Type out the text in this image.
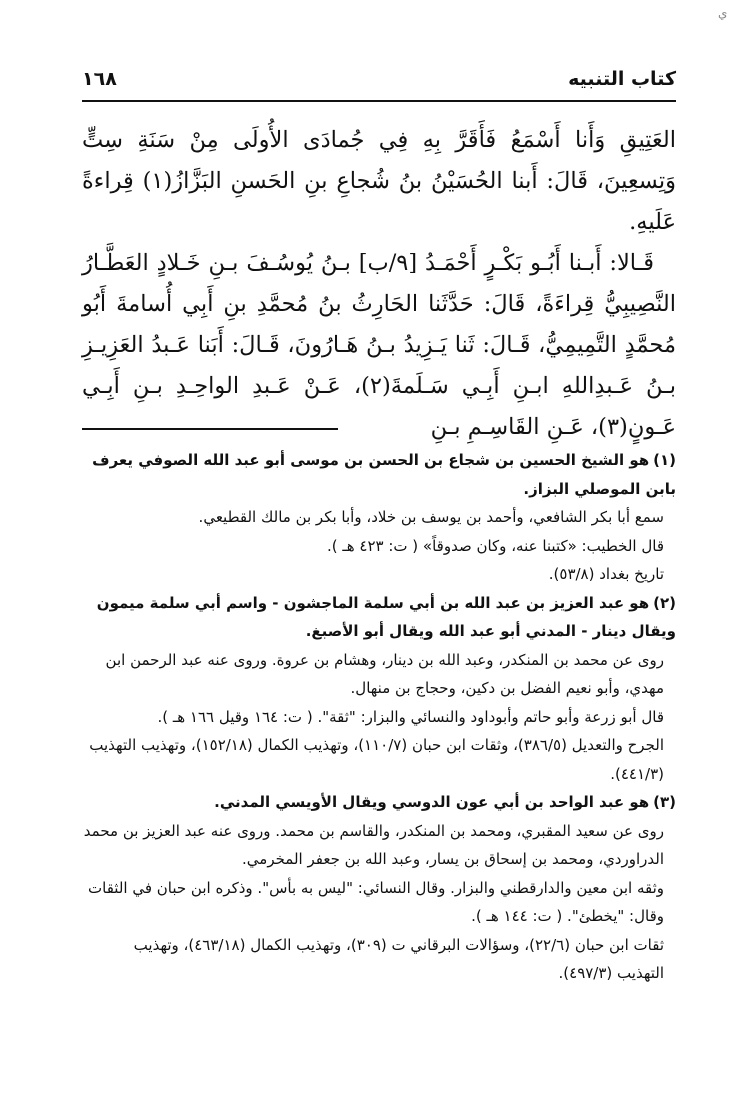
ي
١٦٨	كتاب التنبيه

العَتِيقِ وَأَنا أَسْمَعُ فَأَقَرَّ بِهِ فِي جُمادَى الأُولَى مِنْ سَنَةِ سِتٍّ وَتِسعِينَ، قَالَ: أَبنا الحُسَيْنُ بنُ شُجاعِ بنِ الحَسنِ البَزَّازُ(١) قِراءةً عَلَيهِ.

قَـالا: أَبـنا أَبُـو بَكْـرٍ أَحْمَـدُ [٩/ب] بـنُ يُوسُـفَ بـنِ خَـلادٍ العَطَّـارُ النَّصِيبِيُّ قِراءَةً، قَالَ: حَدَّثَنا الحَارِثُ بنُ مُحمَّدِ بنِ أَبِي أُسامةَ أَبُو مُحمَّدٍ التَّمِيمِيُّ، قَـالَ: ثَنا يَـزِيدُ بـنُ هَـارُونَ، قَـالَ: أَبَنا عَـبدُ العَزِيـزِ بـنُ عَـبدِاللهِ ابـنِ أَبِـي سَـلَمةَ(٢)، عَـنْ عَـبدِ الواحِـدِ بـنِ أَبِـي عَـونٍ(٣)، عَـنِ القَاسِـمِ بـنِ

(١)هو الشيخ الحسين بن شجاع بن الحسن بن موسى أبو عبد الله الصوفي يعرف بابن الموصلي البزاز.

سمع أبا بكر الشافعي، وأحمد بن يوسف بن خلاد، وأبا بكر بن مالك القطيعي.

قال الخطيب: «كتبنا عنه، وكان صدوقاً» ( ت: ٤٢٣ هـ ).

تاريخ بغداد (٥٣/٨).

(٢)هو عبد العزيز بن عبد الله بن أبي سلمة الماجشون - واسم أبي سلمة ميمون ويقال دينار - المدني أبو عبد الله ويقال أبو الأصبغ.

روى عن محمد بن المنكدر، وعبد الله بن دينار، وهشام بن عروة. وروى عنه عبد الرحمن ابن مهدي، وأبو نعيم الفضل بن دكين، وحجاج بن منهال.

قال أبو زرعة وأبو حاتم وأبوداود والنسائي والبزار: "ثقة". ( ت: ١٦٤ وقيل ١٦٦ هـ ).

الجرح والتعديل (٣٨٦/٥)، وثقات ابن حبان (١١٠/٧)، وتهذيب الكمال (١٥٢/١٨)، وتهذيب التهذيب (٤٤١/٣).

(٣)هو عبد الواحد بن أبي عون الدوسي ويقال الأويسي المدني.

روى عن سعيد المقبري، ومحمد بن المنكدر، والقاسم بن محمد. وروى عنه عبد العزيز بن محمد الدراوردي، ومحمد بن إسحاق بن يسار، وعبد الله بن جعفر المخرمي.

وثقه ابن معين والدارقطني والبزار. وقال النسائي: "ليس به بأس". وذكره ابن حبان في الثقات وقال: "يخطئ". ( ت: ١٤٤ هـ ).

ثقات ابن حبان (٢٢/٦)، وسؤالات البرقاني ت (٣٠٩)، وتهذيب الكمال (٤٦٣/١٨)، وتهذيب التهذيب (٤٩٧/٣).
